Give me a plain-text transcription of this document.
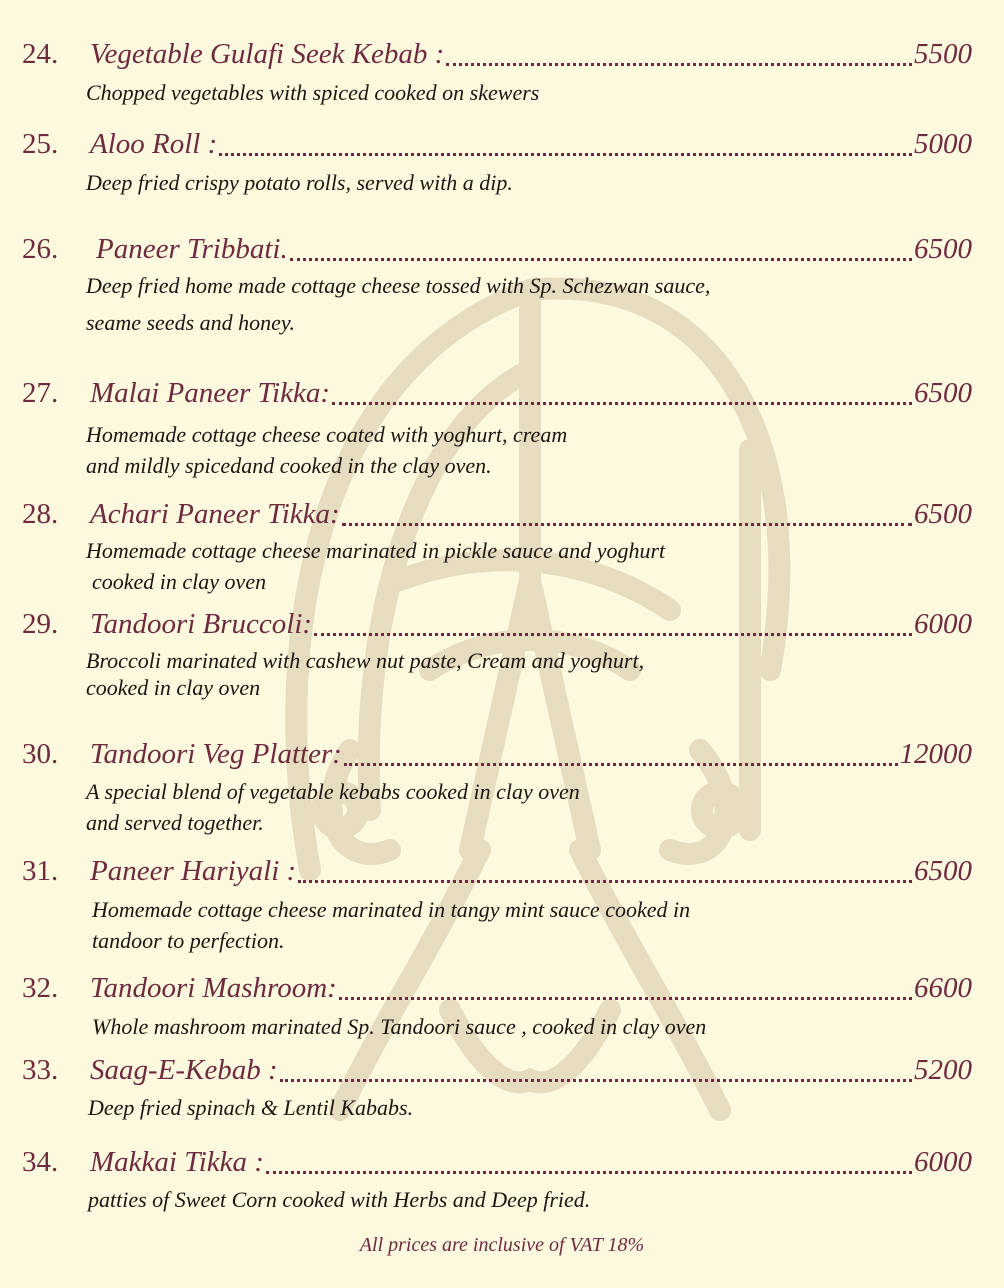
24.	Vegetable Gulafi Seek Kebab :	5500
Chopped vegetables with spiced cooked on skewers
25.	Aloo Roll :	5000
Deep fried crispy potato rolls, served with a dip.
26.	Paneer Tribbati.	6500
Deep fried home made cottage cheese tossed with Sp. Schezwan sauce,
seame seeds and honey.
27.	Malai Paneer Tikka:	6500
Homemade cottage cheese coated with yoghurt, cream
and mildly spicedand cooked in the clay oven.
28.	Achari Paneer Tikka:	6500
Homemade cottage cheese marinated in pickle sauce and yoghurt
cooked in clay oven
29.	Tandoori Bruccoli:	6000
Broccoli marinated with cashew nut paste, Cream and yoghurt,
cooked in clay oven
30.	Tandoori Veg Platter:	12000
A special blend of vegetable kebabs cooked in clay oven
and served together.
31.	Paneer Hariyali :	6500
Homemade cottage cheese marinated in tangy mint sauce cooked in
tandoor to perfection.
32.	Tandoori Mashroom:	6600
Whole mashroom marinated Sp. Tandoori sauce , cooked in clay oven
33.	Saag-E-Kebab :	5200
Deep fried spinach & Lentil Kababs.
34.	Makkai Tikka :	6000
patties of Sweet Corn cooked with Herbs and Deep fried.
All prices are inclusive of VAT 18%
